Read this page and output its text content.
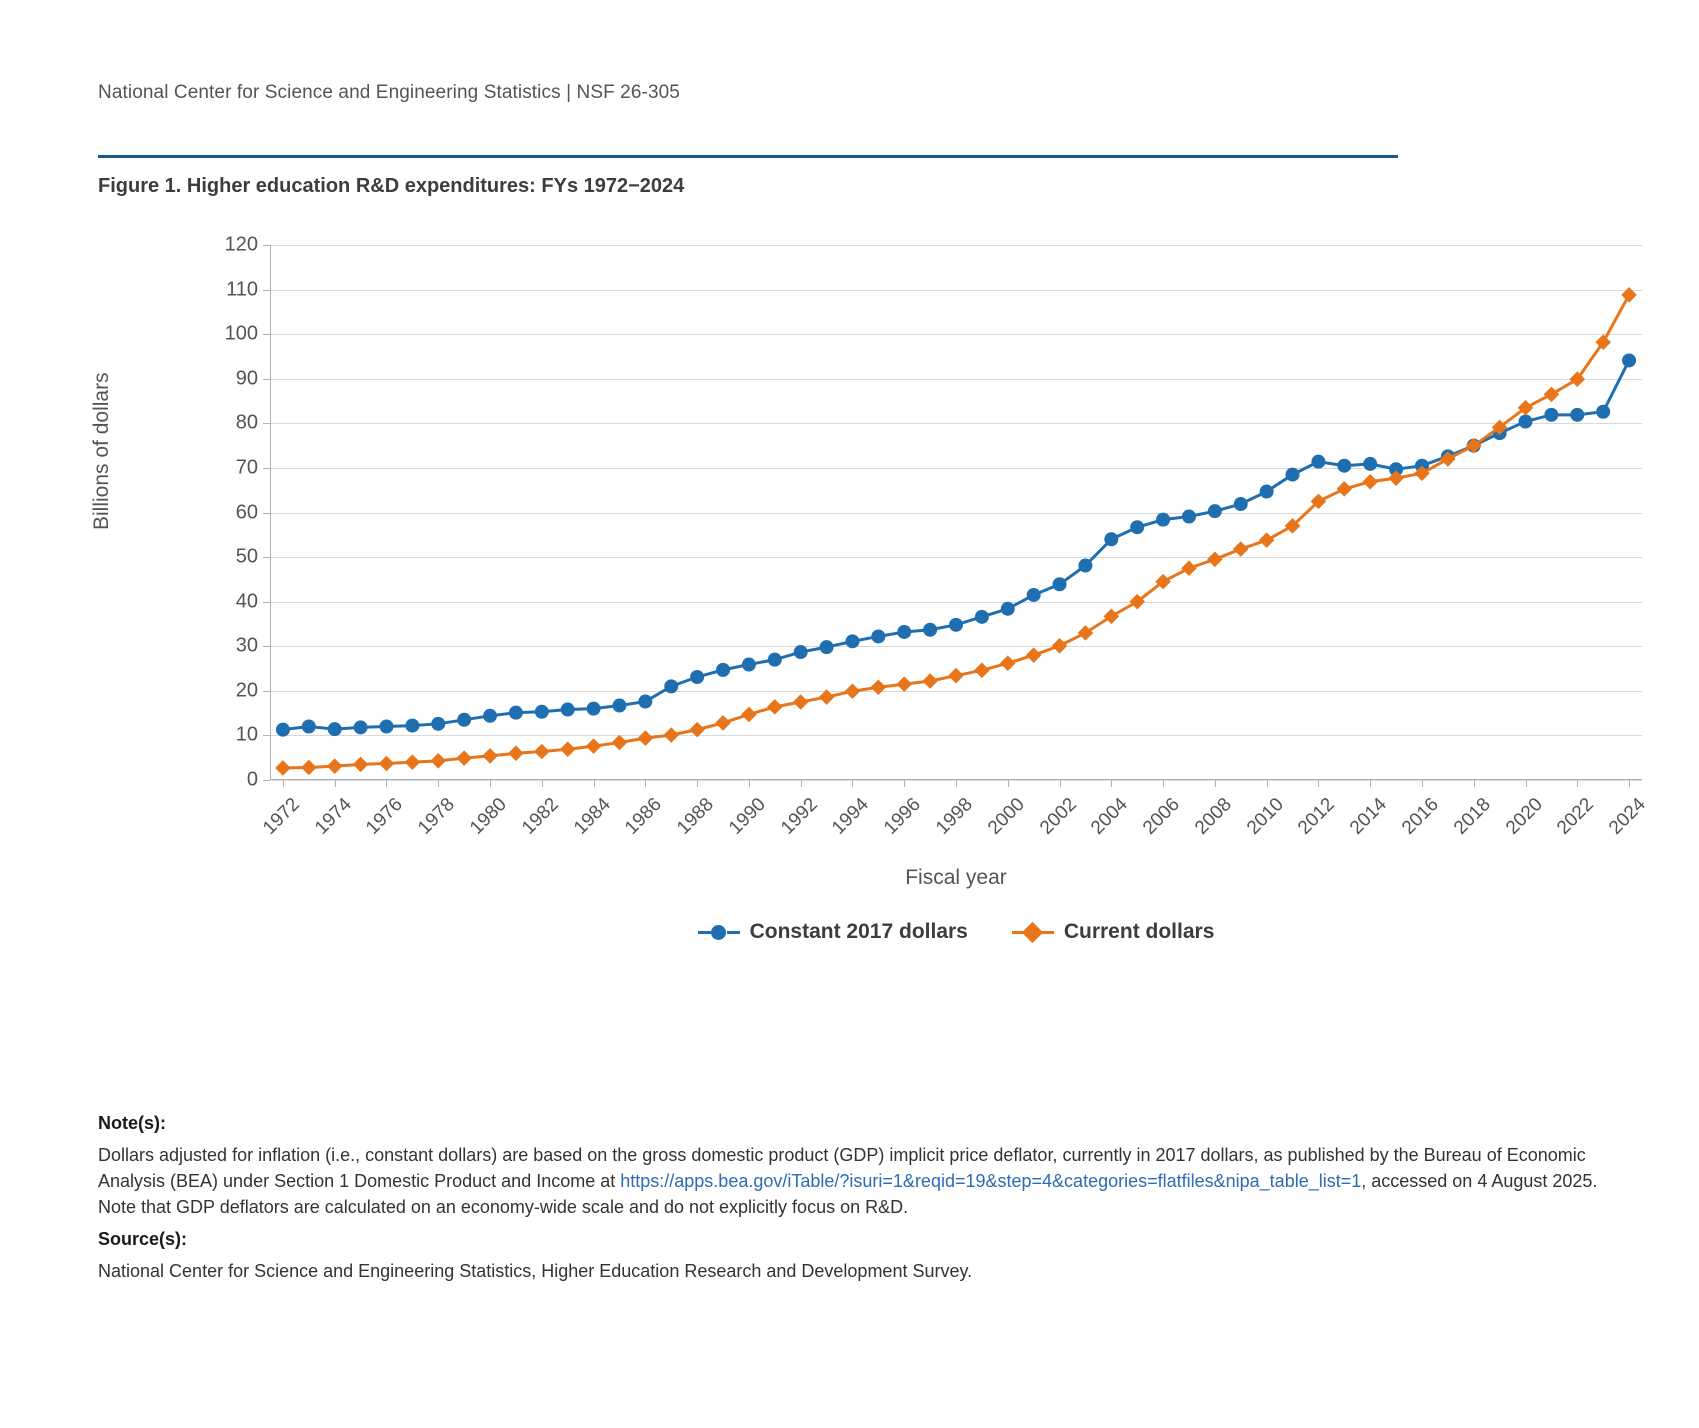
National Center for Science and Engineering Statistics | NSF 26-305
Figure 1. Higher education R&D expenditures: FYs 1972−2024
Billions of dollars
0
10
20
30
40
50
60
70
80
90
100
110
120
1972 1974 1976 1978 1980 1982 1984 1986 1988 1990 1992 1994 1996 1998 2000 2002 2004 2006 2008 2010 2012 2014 2016 2018 2020 2022 2024
Fiscal year
Constant 2017 dollars	Current dollars

Note(s):

Dollars adjusted for inflation (i.e., constant dollars) are based on the gross domestic product (GDP) implicit price deflator, currently in 2017 dollars, as published by the Bureau of Economic Analysis (BEA) under Section 1 Domestic Product and Income at https://apps.bea.gov/iTable/?isuri=1&reqid=19&step=4&categories=flatfiles&nipa_table_list=1, accessed on 4 August 2025. Note that GDP deflators are calculated on an economy-wide scale and do not explicitly focus on R&D.

Source(s):

National Center for Science and Engineering Statistics, Higher Education Research and Development Survey.
